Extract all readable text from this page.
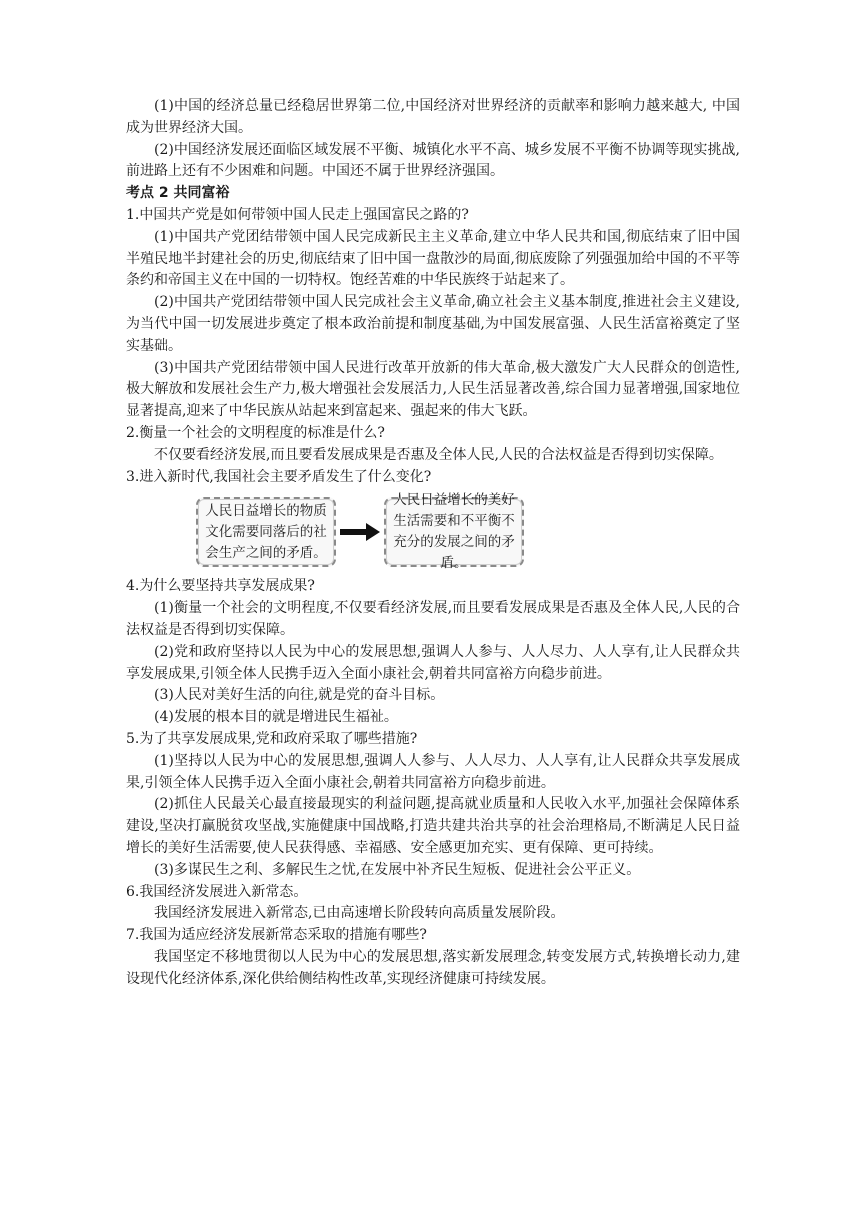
(1)中国的经济总量已经稳居世界第二位,中国经济对世界经济的贡献率和影响力越来越大, 中国成为世界经济大国。

(2)中国经济发展还面临区域发展不平衡、城镇化水平不高、城乡发展不平衡不协调等现实挑战,前进路上还有不少困难和问题。中国还不属于世界经济强国。

考点 2 共同富裕

1.中国共产党是如何带领中国人民走上强国富民之路的?

(1)中国共产党团结带领中国人民完成新民主主义革命,建立中华人民共和国,彻底结束了旧中国半殖民地半封建社会的历史,彻底结束了旧中国一盘散沙的局面,彻底废除了列强强加给中国的不平等条约和帝国主义在中国的一切特权。饱经苦难的中华民族终于站起来了。

(2)中国共产党团结带领中国人民完成社会主义革命,确立社会主义基本制度,推进社会主义建设,为当代中国一切发展进步奠定了根本政治前提和制度基础,为中国发展富强、人民生活富裕奠定了坚实基础。

(3)中国共产党团结带领中国人民进行改革开放新的伟大革命,极大激发广大人民群众的创造性,极大解放和发展社会生产力,极大增强社会发展活力,人民生活显著改善,综合国力显著增强,国家地位显著提高,迎来了中华民族从站起来到富起来、强起来的伟大飞跃。

2.衡量一个社会的文明程度的标准是什么?

不仅要看经济发展,而且要看发展成果是否惠及全体人民,人民的合法权益是否得到切实保障。

3.进入新时代,我国社会主要矛盾发生了什么变化?

人民日益增长的物质文化需要同落后的社会生产之间的矛盾。
人民日益增长的美好生活需要和不平衡不充分的发展之间的矛盾。

4.为什么要坚持共享发展成果?

(1)衡量一个社会的文明程度,不仅要看经济发展,而且要看发展成果是否惠及全体人民,人民的合法权益是否得到切实保障。

(2)党和政府坚持以人民为中心的发展思想,强调人人参与、人人尽力、人人享有,让人民群众共享发展成果,引领全体人民携手迈入全面小康社会,朝着共同富裕方向稳步前进。

(3)人民对美好生活的向往,就是党的奋斗目标。

(4)发展的根本目的就是增进民生福祉。

5.为了共享发展成果,党和政府采取了哪些措施?

(1)坚持以人民为中心的发展思想,强调人人参与、人人尽力、人人享有,让人民群众共享发展成果,引领全体人民携手迈入全面小康社会,朝着共同富裕方向稳步前进。

(2)抓住人民最关心最直接最现实的利益问题,提高就业质量和人民收入水平,加强社会保障体系建设,坚决打赢脱贫攻坚战,实施健康中国战略,打造共建共治共享的社会治理格局,不断满足人民日益增长的美好生活需要,使人民获得感、幸福感、安全感更加充实、更有保障、更可持续。

(3)多谋民生之利、多解民生之忧,在发展中补齐民生短板、促进社会公平正义。

6.我国经济发展进入新常态。

我国经济发展进入新常态,已由高速增长阶段转向高质量发展阶段。

7.我国为适应经济发展新常态采取的措施有哪些?

我国坚定不移地贯彻以人民为中心的发展思想,落实新发展理念,转变发展方式,转换增长动力,建设现代化经济体系,深化供给侧结构性改革,实现经济健康可持续发展。
